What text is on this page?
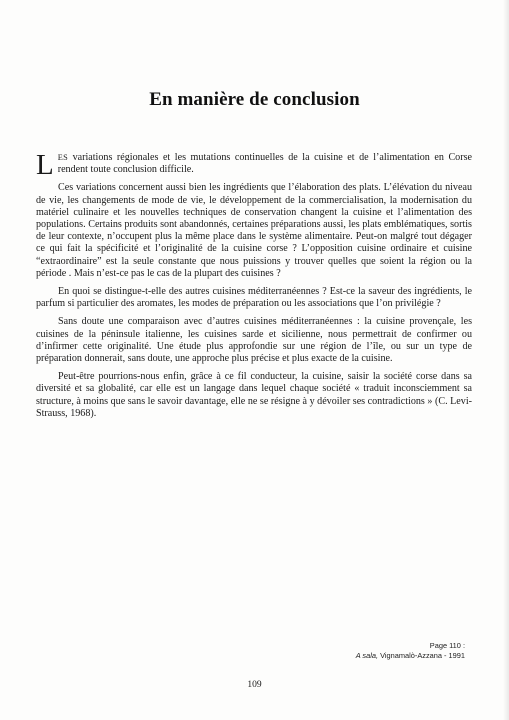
En manière de conclusion

LES variations régionales et les mutations continuelles de la cuisine et de l’alimentation en Corse rendent toute conclusion difficile.

Ces variations concernent aussi bien les ingrédients que l’élaboration des plats. L’élévation du niveau de vie, les changements de mode de vie, le développement de la commercialisation, la modernisation du matériel culinaire et les nouvelles techniques de conservation changent la cuisine et l’alimentation des populations. Certains produits sont abandonnés, certaines préparations aussi, les plats emblématiques, sortis de leur contexte, n’occupent plus la même place dans le système alimentaire. Peut-on malgré tout dégager ce qui fait la spécificité et l’originalité de la cuisine corse ? L’opposition cuisine ordinaire et cuisine “extraordinaire” est la seule constante que nous puissions y trouver quelles que soient la région ou la période . Mais n’est-ce pas le cas de la plupart des cuisines ?

En quoi se distingue-t-elle des autres cuisines méditerranéennes ? Est-ce la saveur des ingrédients, le parfum si particulier des aromates, les modes de préparation ou les associations que l’on privilégie ?

Sans doute une comparaison avec d’autres cuisines méditerranéennes : la cuisine provençale, les cuisines de la péninsule italienne, les cuisines sarde et sicilienne, nous permettrait de confirmer ou d’infirmer cette originalité. Une étude plus approfondie sur une région de l’île, ou sur un type de préparation donnerait, sans doute, une approche plus précise et plus exacte de la cuisine.

Peut-être pourrions-nous enfin, grâce à ce fil conducteur, la cuisine, saisir la société corse dans sa diversité et sa globalité, car elle est un langage dans lequel chaque société « traduit inconsciemment sa structure, à moins que sans le savoir davantage, elle ne se résigne à y dévoiler ses contradictions » (C. Levi-Strauss, 1968).

Page 110 :
A sala, Vignamalò-Azzana - 1991
109
